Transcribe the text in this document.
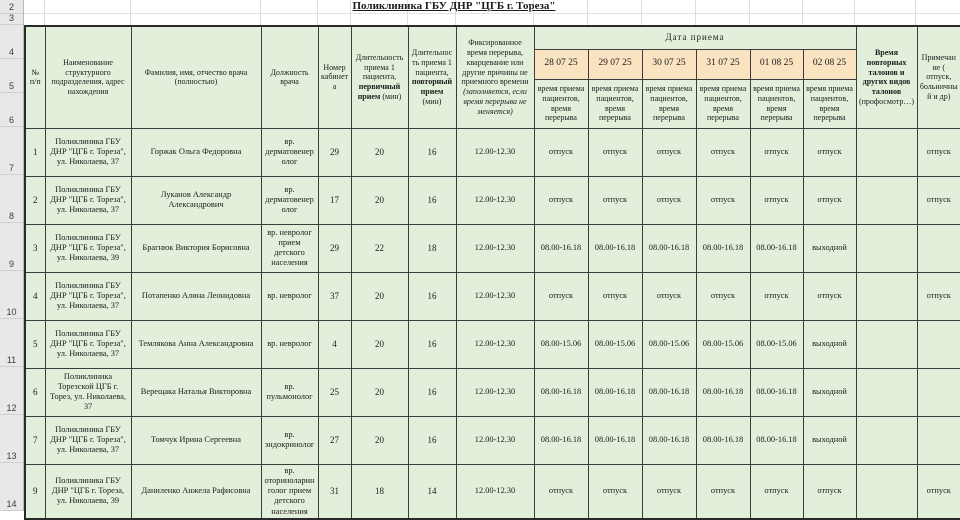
2
3
4
5
6
7
8
9
10
11
12
13
14
Поликлиника ГБУ ДНР "ЦГБ г. Тореза"
№ п/п	Наименование структурного подразделения, адрес нахождения	Фамилия, имя, отчество врача (полностью)	Должность врача	Номер кабинета	Длительность приема 1 пациента, первичный прием (мин)	Длительность приема 1 пациента, повторный прием (мин)	Фиксированное время перерыва, кварцевание или другие причины не приемного времени (заполняется, если время перерыва не меняется)	Дата приема						Время повторных талонов и других видов талонов (профосмотр…)	Примечание ( отпуск, больничный и др)
								28 07 25	29 07 25	30 07 25	31 07 25	01 08 25	02 08 25		
								время приема пациентов, время перерыва	время приема пациентов, время перерыва	время приема пациентов, время перерыва	время приема пациентов, время перерыва	время приема пациентов, время перерыва	время приема пациентов, время перерыва		
1	Поликлиника ГБУ ДНР "ЦГБ г. Тореза", ул. Николаева, 37	Горжак Ольга Федоровна	вр. дерматовенеролог	29	20	16	12.00-12.30	отпуск	отпуск	отпуск	отпуск	отпуск	отпуск		отпуск
2	Поликлиника ГБУ ДНР "ЦГБ г. Тореза", ул. Николаева, 37	Луканов Александр Александрович	вр. дерматовенеролог	17	20	16	12.00-12.30	отпуск	отпуск	отпуск	отпуск	отпуск	отпуск		отпуск
3	Поликлиника ГБУ ДНР "ЦГБ г. Тореза", ул. Николаева, 39	Брагнюк Виктория Борисовна	вр. невролог прием детского населения	29	22	18	12.00-12.30	08.00-16.18	08.00-16.18	08.00-16.18	08.00-16.18	08.00-16.18	выходной		
4	Поликлиника ГБУ ДНР "ЦГБ г. Тореза", ул. Николаева, 37	Потапенко Алина Леонидовна	вр. невролог	37	20	16	12.00-12.30	отпуск	отпуск	отпуск	отпуск	отпуск	отпуск		отпуск
5	Поликлиника ГБУ ДНР "ЦГБ г. Тореза", ул. Николаева, 37	Темлякова Анна Александровна	вр. невролог	4	20	16	12.00-12.30	08.00-15.06	08.00-15.06	08.00-15.06	08.00-15.06	08.00-15.06	выходной		
6	Поликлиника Торезской ЦГБ г. Торез, ул. Николаева, 37	Верещака Наталья Викторовна	вр. пульмонолог	25	20	16	12.00-12.30	08.00-16.18	08.00-16.18	08.00-16.18	08.00-16.18	08.00-16.18	выходной		
7	Поликлиника ГБУ ДНР "ЦГБ г. Тореза", ул. Николаева, 37	Томчук Ирина Сергеевна	вр. эндокринолог	27	20	16	12.00-12.30	08.00-16.18	08.00-16.18	08.00-16.18	08.00-16.18	08.00-16.18	выходной		
9	Поликлиника ГБУ ДНР "ЦГБ г. Тореза, ул. Николаева, 39	Даниленко Анжела Рафисовна	вр. оториноларинголог прием детского населения	31	18	14	12.00-12.30	отпуск	отпуск	отпуск	отпуск	отпуск	отпуск		отпуск
